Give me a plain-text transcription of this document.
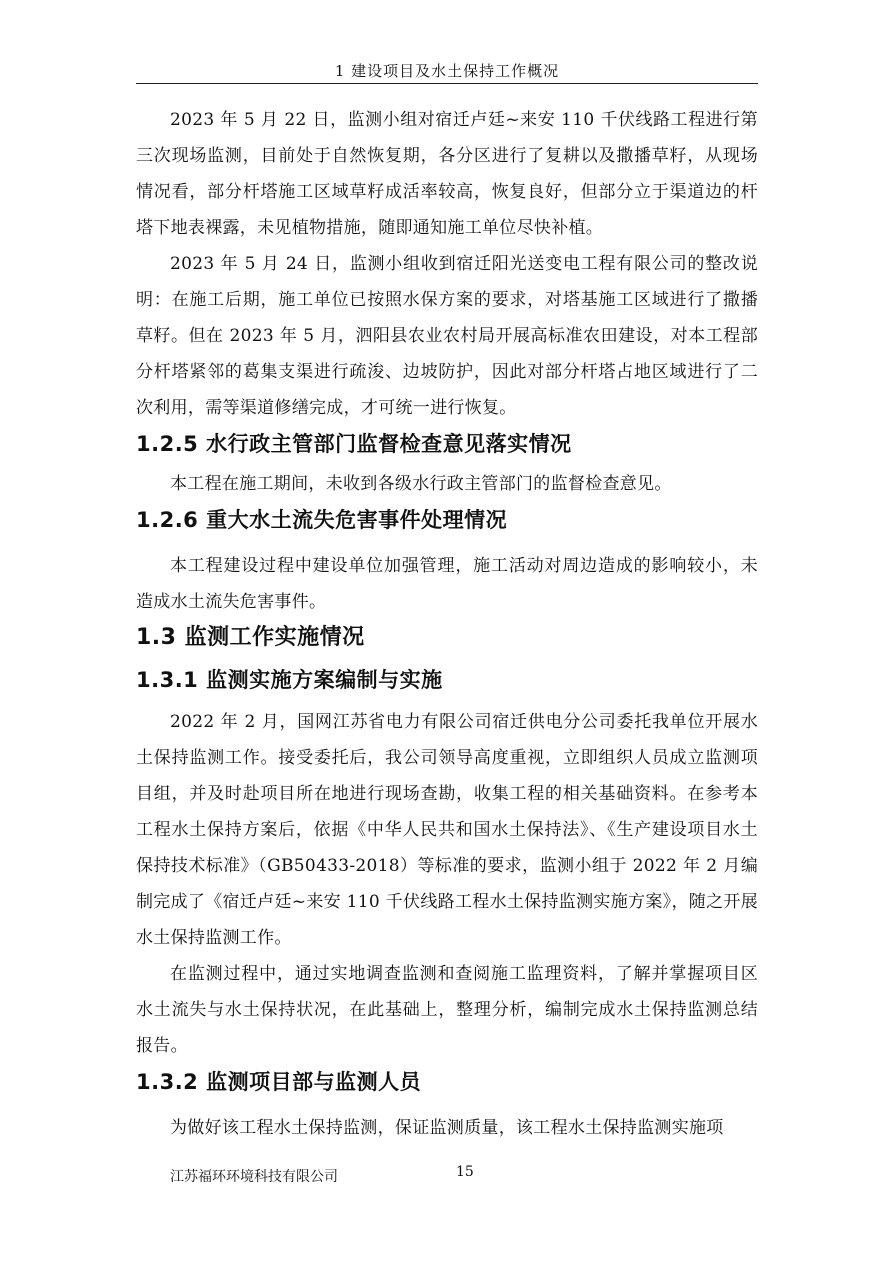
1 建设项目及水土保持工作概况

2023 年 5 月 22 日，监测小组对宿迁卢廷~来安 110 千伏线路工程进行第三次现场监测，目前处于自然恢复期，各分区进行了复耕以及撒播草籽，从现场情况看，部分杆塔施工区域草籽成活率较高，恢复良好，但部分立于渠道边的杆塔下地表裸露，未见植物措施，随即通知施工单位尽快补植。

2023 年 5 月 24 日，监测小组收到宿迁阳光送变电工程有限公司的整改说明：在施工后期，施工单位已按照水保方案的要求，对塔基施工区域进行了撒播草籽。但在 2023 年 5 月，泗阳县农业农村局开展高标准农田建设，对本工程部分杆塔紧邻的葛集支渠进行疏浚、边坡防护，因此对部分杆塔占地区域进行了二次利用，需等渠道修缮完成，才可统一进行恢复。

1.2.5 水行政主管部门监督检查意见落实情况

本工程在施工期间，未收到各级水行政主管部门的监督检查意见。

1.2.6 重大水土流失危害事件处理情况

本工程建设过程中建设单位加强管理，施工活动对周边造成的影响较小，未造成水土流失危害事件。

1.3 监测工作实施情况
1.3.1 监测实施方案编制与实施

2022 年 2 月，国网江苏省电力有限公司宿迁供电分公司委托我单位开展水土保持监测工作。接受委托后，我公司领导高度重视，立即组织人员成立监测项目组，并及时赴项目所在地进行现场查勘，收集工程的相关基础资料。在参考本工程水土保持方案后，依据《中华人民共和国水土保持法》、《生产建设项目水土保持技术标准》（GB50433-2018）等标准的要求，监测小组于 2022 年 2 月编制完成了《宿迁卢廷~来安 110 千伏线路工程水土保持监测实施方案》，随之开展水土保持监测工作。

在监测过程中，通过实地调查监测和查阅施工监理资料，了解并掌握项目区水土流失与水土保持状况，在此基础上，整理分析，编制完成水土保持监测总结报告。

1.3.2 监测项目部与监测人员

为做好该工程水土保持监测，保证监测质量，该工程水土保持监测实施项

江苏福环环境科技有限公司	15
